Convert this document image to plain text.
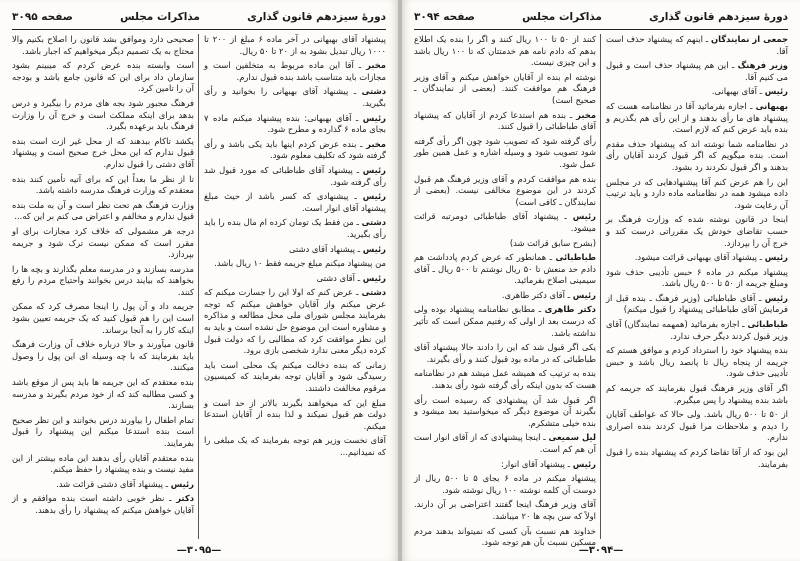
دورۀ سیزدهم قانون گذاری
مذاکرات مجلس
صفحه ۳۰۹۵

پیشنهاد آقای بهبهانی در آخر ماده ۶ مبلغ از ۲۰۰ تا ۱۰۰۰ ریال تبدیل بشود به از ۲۰ تا ۵۰ ریال.

مخبر ـ آقا این ماده مربوط به متخلفین است و مجازات باید متناسب باشد بنده قبول ندارم.

دشتی ـ پیشنهاد آقای بهبهانی را بخوانید و رأی بگیرید.

رئیس ـ آقای بهبهانی: بنده پیشنهاد میکنم ماده ۷ بجای ماده ۶ گذارده و مطرح شود.

مخبر ـ بنده عرض کردم اینها باید یکی باشد و رأی گرفته شود که تکلیف معلوم شود.

رئیس ـ پیشنهاد آقای طباطبائی که مورد قبول شد رأی گرفته شود.

رئیس ـ پیشنهادی که کسر باشد از حیث مبلغ پیشنهاد آقای انوار است.

دشتی ـ من فقط یک تومان کرده ام مال بنده را باید رأی بگیرید.

رئیس ـ پیشنهاد آقای دشتی

من پیشنهاد میکنم مبلغ جریمه فقط ۱۰ ریال باشد.

رئیس ـ آقای دشتی

دشتی ـ عرض کنم که اولا این را جسارت میکنم که عرض میکنم واز آقایان خواهش میکنم که توجه بفرمایند مجلس شورای ملی محل مطالعه و مذاکره و مشاوره است این موضوع حل نشده است و باید به این نظر موافقت کرد که مطالبی را که دولت قبول کرده دیگر معنی ندارد شخصی بازی برود.

زمانی که بنده دخالت میکنم یک محلی است باید رسیدگی شود و آقایان توجه بفرمایند که کمیسیون مرقوم مخالفت داشتند.

مبلغ این که میخواهند بگیرند بالاتر از حد است و دولت هم قبول نمیکند و لذا بنده از آقایان استدعا میکنم.

آقای نخست وزیر هم توجه بفرمایند که یک مبلغی را که نمیدانیم...

صحیحی دارد وموافق بشد قانون را اصلاح بکنیم والا محتاج به یک تصمیم دیگر میخواهیم که اجبار باشد.

است وابسته بنده عرض کردم که میبینم بشود سازمان داد برای این که قانون جامع باشد و بودجه آن را تامین کرد.

فرهنگ مجبور شود بجه های مردم را بیگیرد و درس بدهد برای اینکه مملکت است و خرج آن را وزارت فرهنگ باید برعهده بگیرد.

یکشد تاکام ببدهند که از محل غیر ازت است بنده قبول ندارم که این محل خرج صحیح است و پیشنهاد آقای دشتی را قبول ندارم.

تا از نظر ما بعداً این که برای آتیه تأمین کنند بنده معتقدم که وزارت فرهنگ مدرسه داشته باشد.

وزارت فرهنگ هم تحت نظر است و آن به ملت بنده قبول ندارم و مخالفم و اعتراض می کنم بر این که...

درجه هر مشمولی که خلاف کرد مجازات برای او مقرر است که ممکن نیست ترک شود و جریمه بپردازد.

مدرسه بسازند و در مدرسه معلم بگذارند و بچه ها را بخواهند که بیایند درس بخوانند واحتیاج مردم را رفع کنند.

جریمه داد و آن پول را اینجا مصرف کرد که ممکن است این را هم قبول کنید که یک جریمه تعیین بشود اینکه کار را به آنجا برساند.

قانون میآورند و حالا درباره خلاف آن وزارت فرهنگ باید بفرمایند که با چه وسیله ای این پول را وصول میکنند.

بنده معتقدم که این جریمه ها باید پس از موقع باشد و کسی مطالبه کند که از خود مردم بگیرند و مدرسه بسازند.

تمام اطفال را بیاورند درس بخوانند و این نظر صحیح است بنده استدعا میکنم این پیشنهاد را قبول بفرمایند.

بنده معتقدم آقایان رأی بدهند این ماده بیشتر از این مفید نیست و بنده پیشنهاد را حفظ میکنم.

رئیس ـ پیشنهاد آقای دشتی قرائت شد.

دکتر ـ نظر خوبی داشته است بنده موافقم و از آقایان خواهش میکنم که پیشنهاد را رأی بدهند.

—۳۰۹۵—
دورۀ سیزدهم قانون گذاری
مذاکرات مجلس
صفحه ۳۰۹۴

جمعی از نمایندگان ـ اینهم که پیشنهاد حذف است آقا.

وزیر فرهنگ ـ این هم پیشنهاد حذف است و قبول می کنیم آقا.

رئیس ـ آقای بهبهانی.

بهبهانی ـ اجازه بفرمائید آقا در نظامنامه هست که پیشنهاد های ما رأی بدهند و از این رأی هم بگذریم و بنده باید عرض کنم که لازم است.

در نظامنامه شما نوشته اند که پیشنهاد حذف مقدم است. بنده میگویم که اگر قبول کردند آقایان رأی بدهند و اگر قبول نکردند رد بشود.

این را هم عرض کنم آقا پیشنهادهایی که در مجلس داده میشود همه در نظامنامه ماده دارد و باید ترتیب آن رعایت شود.

اینجا در قانون نوشته شده که وزارت فرهنگ بر حسب تقاضای خودش یک مقرراتی درست کند و خرج آن را بپردازد.

رئیس ـ پیشنهاد آقای بهبهانی قرائت میشود.

پیشنهاد میکنم در ماده ۶ حبس تأدیبی حذف شود ومبلغ جریمه از ۵۰ تا ۵۰۰ ریال باشد.

رئیس ـ آقای طباطبائی (وزیر فرهنگ ـ بنده قبل از فرمایش آقای طباطبائی پیشنهاد را قبول میکنم)

طباطبائی ـ اجازه بفرمائید (همهمه نمایندگان) آقای وزیر قبول کردند دیگر حرف ندارد.

بنده پیشنهاد خود را استرداد کردم و موافق هستم که جریمه از پنجاه ریال تا پانصد ریال باشد و حبس تأدیبی حذف شود.

اگر آقای وزیر فرهنگ قبول بفرمایند که جریمه کم باشد بنده پیشنهاد را پس میگیرم.

از ۵۰ تا ۵۰۰ ریال باشد. ولی حالا که عواطف آقایان را دیدم و ملاحظات مرا قبول کردند بنده اصراری ندارم.

این بود که از آقا تقاضا کردم که پیشنهاد بنده را قبول بفرمایند.

کنند از ۵۰ تا ۱۰۰ ریال کنند و اگر را بنده یک اطلاع بدهم که دادم نامه هم خدمتتان که تا ۱۰۰ ریال باشد و این چیزی نیست.

نوشته ام بنده از آقایان خواهش میکنم و آقای وزیر فرهنگ هم موافقت کنند. (بعضی از نمایندگان ـ صحیح است)

مخبر ـ بنده هم استدعا کردم از آقایان که پیشنهاد آقای طباطبائی را قبول کنند.

رأی گرفته شود که تصویب شود چون اگر رأی گرفته شود تصویب شود و وسیله اشاره و عمل همین طور عمل شود.

بنده هم موافقت کردم و آقای وزیر فرهنگ هم قبول کردند در این موضوع مخالفی نیست. (بعضی از نمایندگان ـ کافی است)

رئیس ـ پیشنهاد آقای طباطبائی دومرتبه قرائت میشود.

(بشرح سابق قرائت شد)

طباطبائی ـ همانطور که عرض کردم پادداشت هم دادم حد منعش تا ۵۰ ریال نوشتم تا ۵۰۰ ریال ـ آقای سیمینی اصلاح بفرمائید.

رئیس ـ آقای دکتر طاهری.

دکتر طاهری ـ مطابق نظامنامه پیشنهاد بوده ولی که درست بعد از اولی که رفتیم ممکن است که تأثیر نداشته باشد.

یکی اگر قبول شد که این را دادند حالا پیشنهاد آقای طباطبائی که در ماده بود قبول کنند و رأی بگیرند.

بنده به ترتیب که همیشه عمل میشد هم در نظامنامه هست که بدون اینکه رأی گرفته شود رأی بدهند.

اگر قبول شد آن پیشنهادی که رسیده است رأی بگیرند آن موضوع دیگر که میخواستید بعد میشود و بنده خیلی متشکرم.

لیل سمیعی ـ اینجا پیشنهادی که از آقای انوار است آن هم کم است.

رئیس ـ پیشنهاد آقای انوار:

پیشنهاد میکنم در ماده ۶ بجای ۵ تا ۵۰۰ ریال از دوست آن کلمه نوشته ۱۰۰ ریال نوشته شود.

آقای وزیر فرهنگ اینجا گفتند اعتراضی بر آن دارند. اولاً که سن بچه ها ۲۰ میباشد.

خداوند هم نسبت بآن کسی که نمیتواند بدهند مردم مسکین نسبت بآن هم توجه شود.

—۳۰۹۴—
